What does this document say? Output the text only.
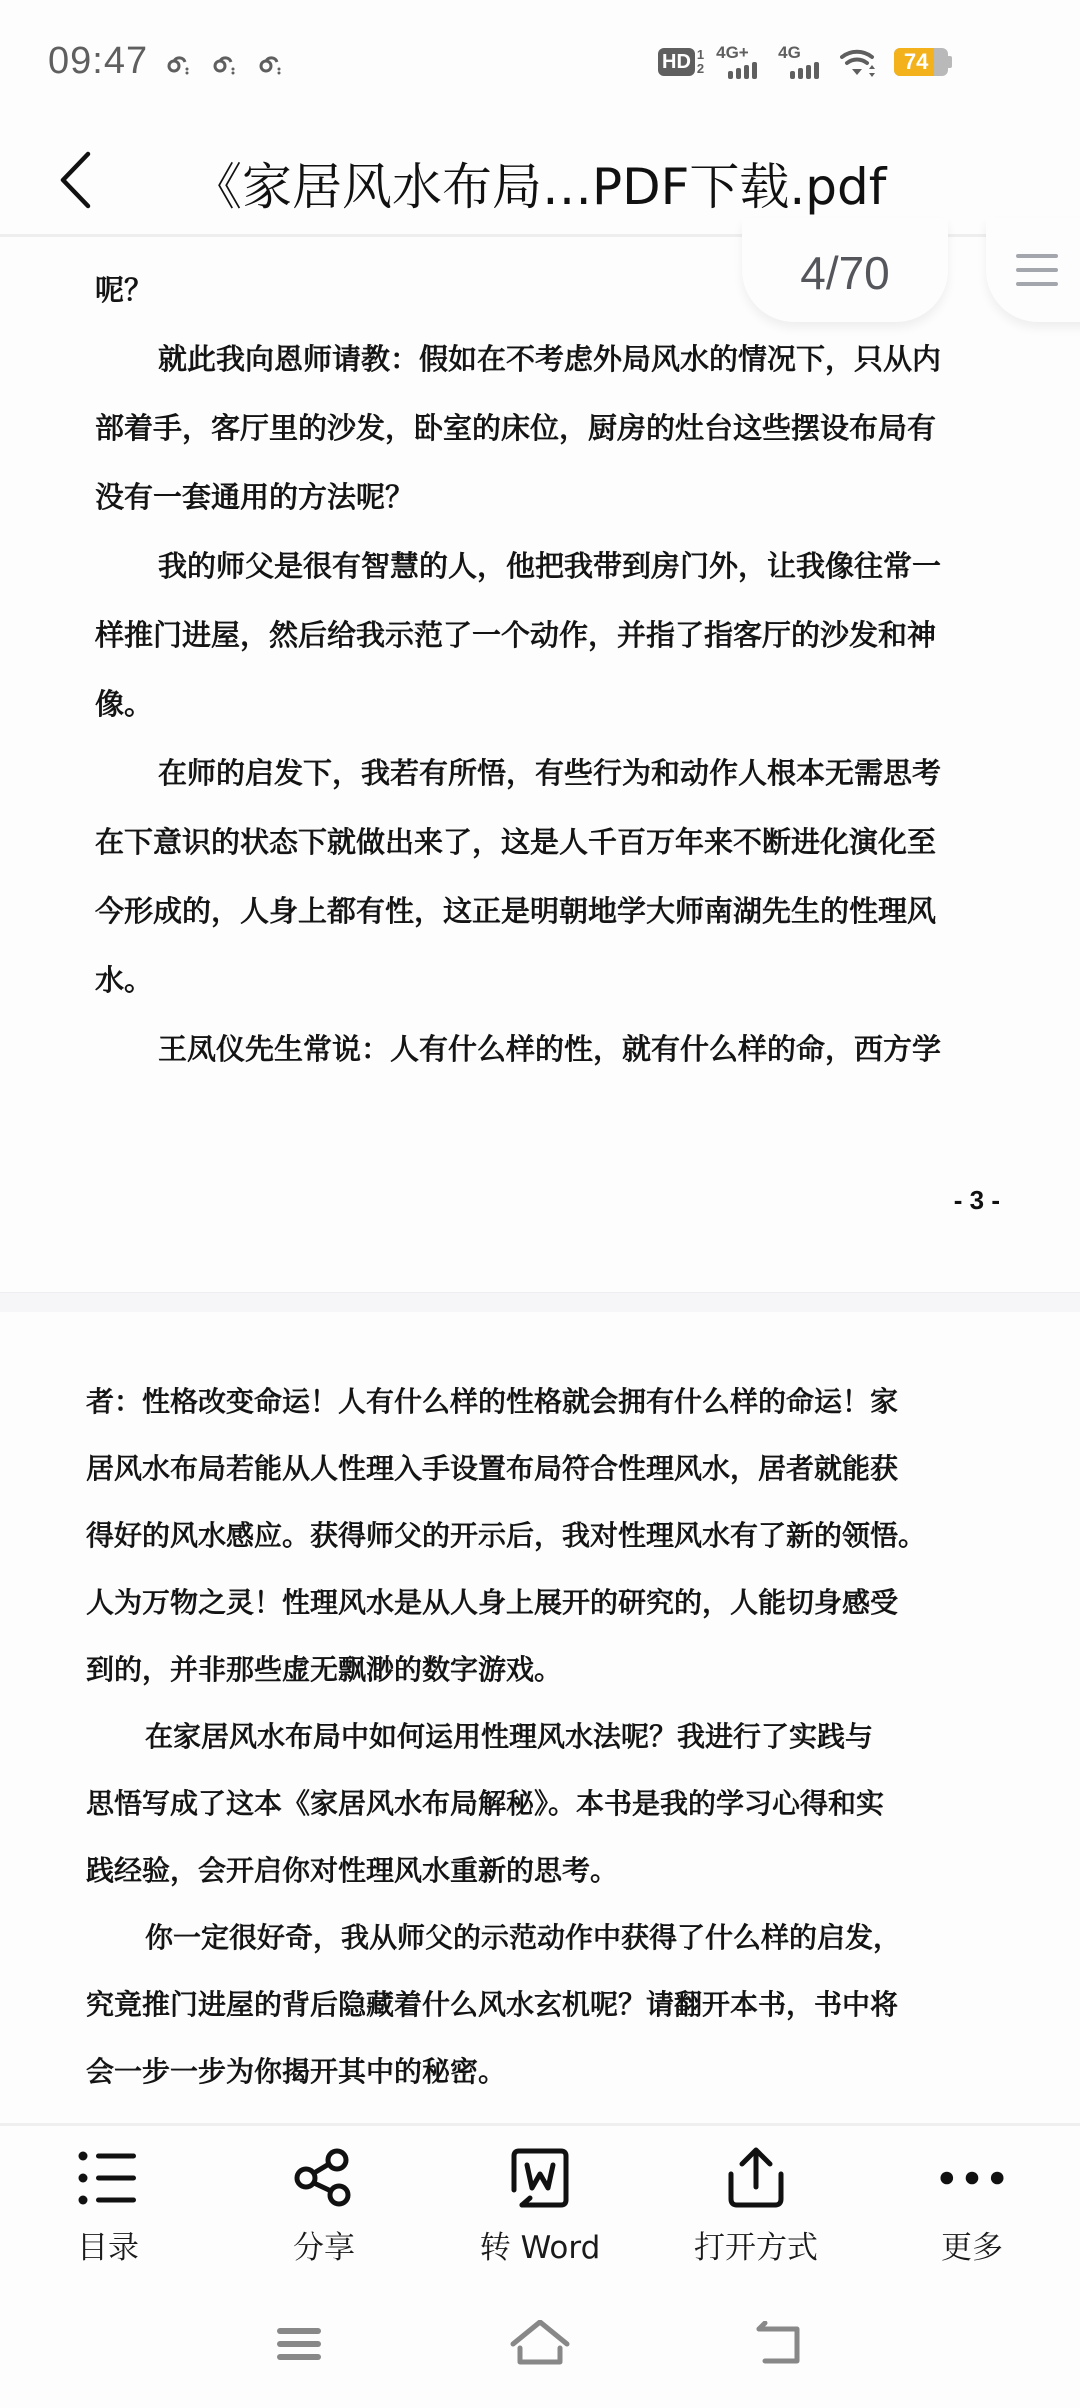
09:47	HD 1
2
4G+ 4G	74
《家居风水布局…PDF下载.pdf
呢？
就此我向恩师请教：假如在不考虑外局风水的情况下，只从内
部着手，客厅里的沙发，卧室的床位，厨房的灶台这些摆设布局有
没有一套通用的方法呢？
我的师父是很有智慧的人，他把我带到房门外，让我像往常一
样推门进屋，然后给我示范了一个动作，并指了指客厅的沙发和神
像。
在师的启发下，我若有所悟，有些行为和动作人根本无需思考
在下意识的状态下就做出来了，这是人千百万年来不断进化演化至
今形成的，人身上都有性，这正是明朝地学大师南湖先生的性理风
水。
王凤仪先生常说：人有什么样的性，就有什么样的命，西方学
- 3 -
者：性格改变命运！人有什么样的性格就会拥有什么样的命运！家
居风水布局若能从人性理入手设置布局符合性理风水，居者就能获
得好的风水感应。获得师父的开示后，我对性理风水有了新的领悟。
人为万物之灵！性理风水是从人身上展开的研究的，人能切身感受
到的，并非那些虚无飘渺的数字游戏。
在家居风水布局中如何运用性理风水法呢？我进行了实践与
思悟写成了这本《家居风水布局解秘》。本书是我的学习心得和实
践经验，会开启你对性理风水重新的思考。
你一定很好奇，我从师父的示范动作中获得了什么样的启发，
究竟推门进屋的背后隐藏着什么风水玄机呢？请翻开本书，书中将
会一步一步为你揭开其中的秘密。
4/70
目录	分享	转 Word	打开方式	更多
